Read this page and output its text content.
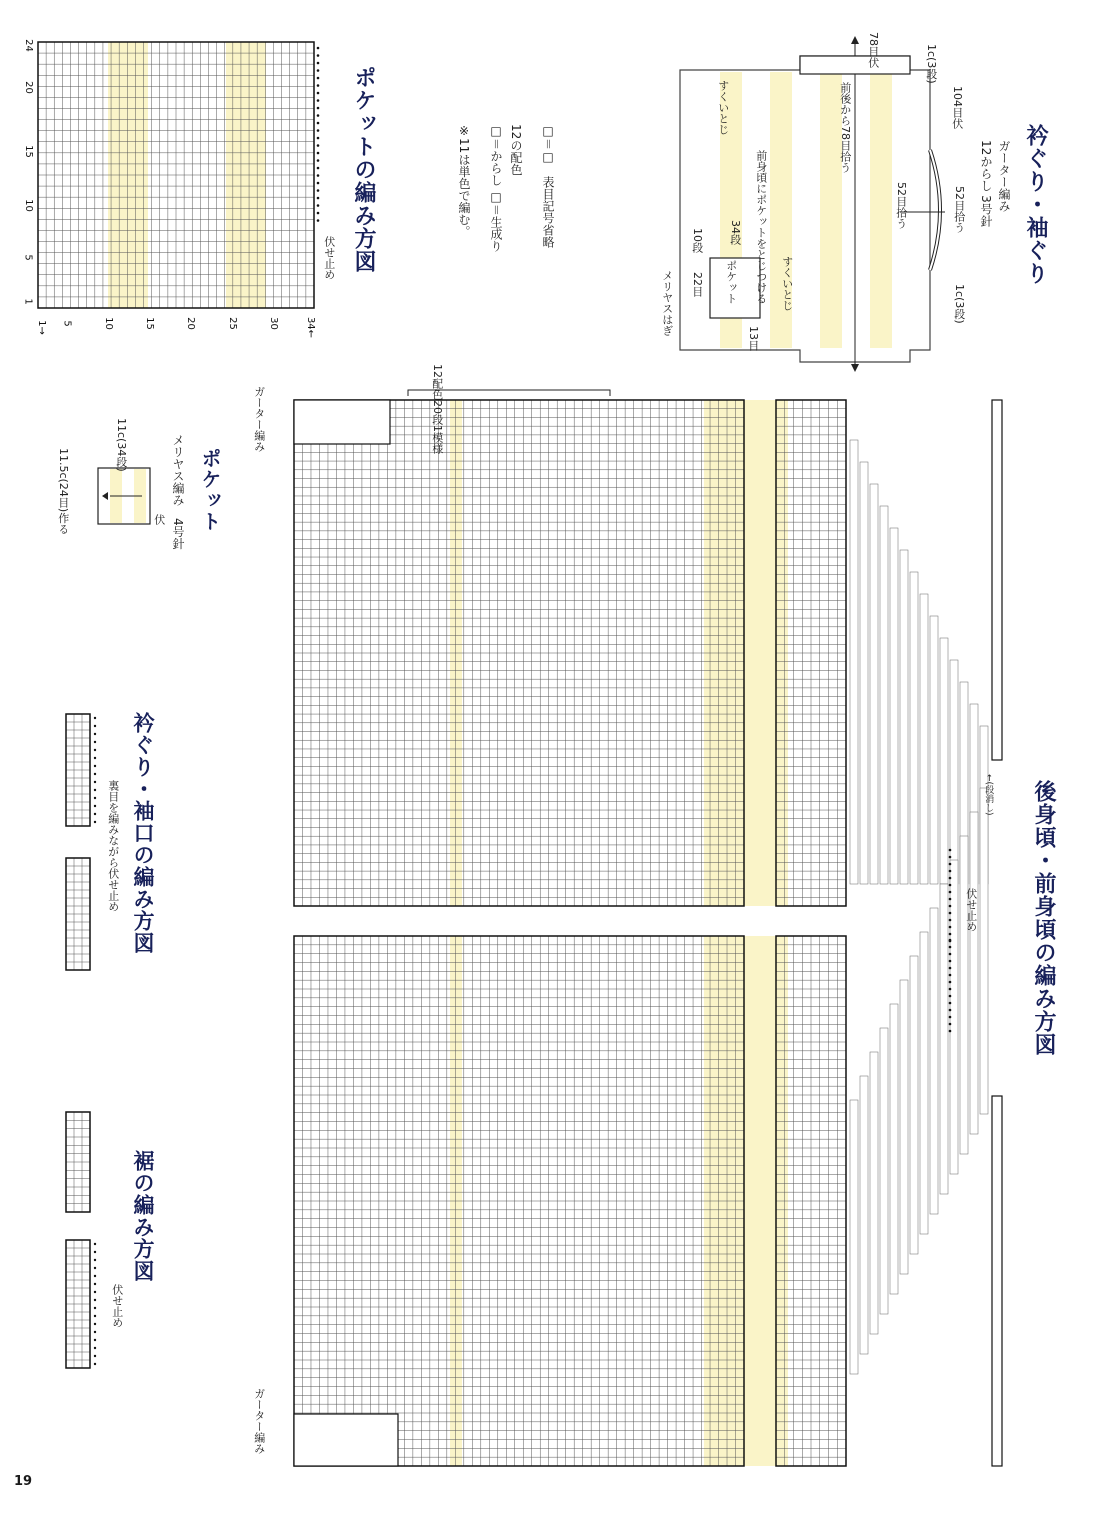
ポケットの編み方図
伏せ止め
24
20
15
10
5
1
1→ 5	10	15	20	25	30	34←
□＝□　表目記号省略
12の配色
□＝からし □＝生成り
※11は単色で編む。	衿ぐり・袖ぐり
ガーター編み
12からし 3号針
1c(3段)
78目伏
104目伏
52目拾う
52目拾う
前後から78目拾う
すくいとじ
前身頃にポケットをとじつける
34段
ポケット	すくいとじ	1c(3段)
10段
22目
13目
メリヤスはぎ
ポケット
メリヤス編み　4号針
伏
11c(34段)
11.5c(24目)作る
後身頃・前身頃の編み方図
12配色20段1模様
ガーター編み
ガーター編み
←(段消し)
伏せ止め
衿ぐり・袖口の編み方図
裏目を編みながら伏せ止め
裾の編み方図
伏せ止め
19
